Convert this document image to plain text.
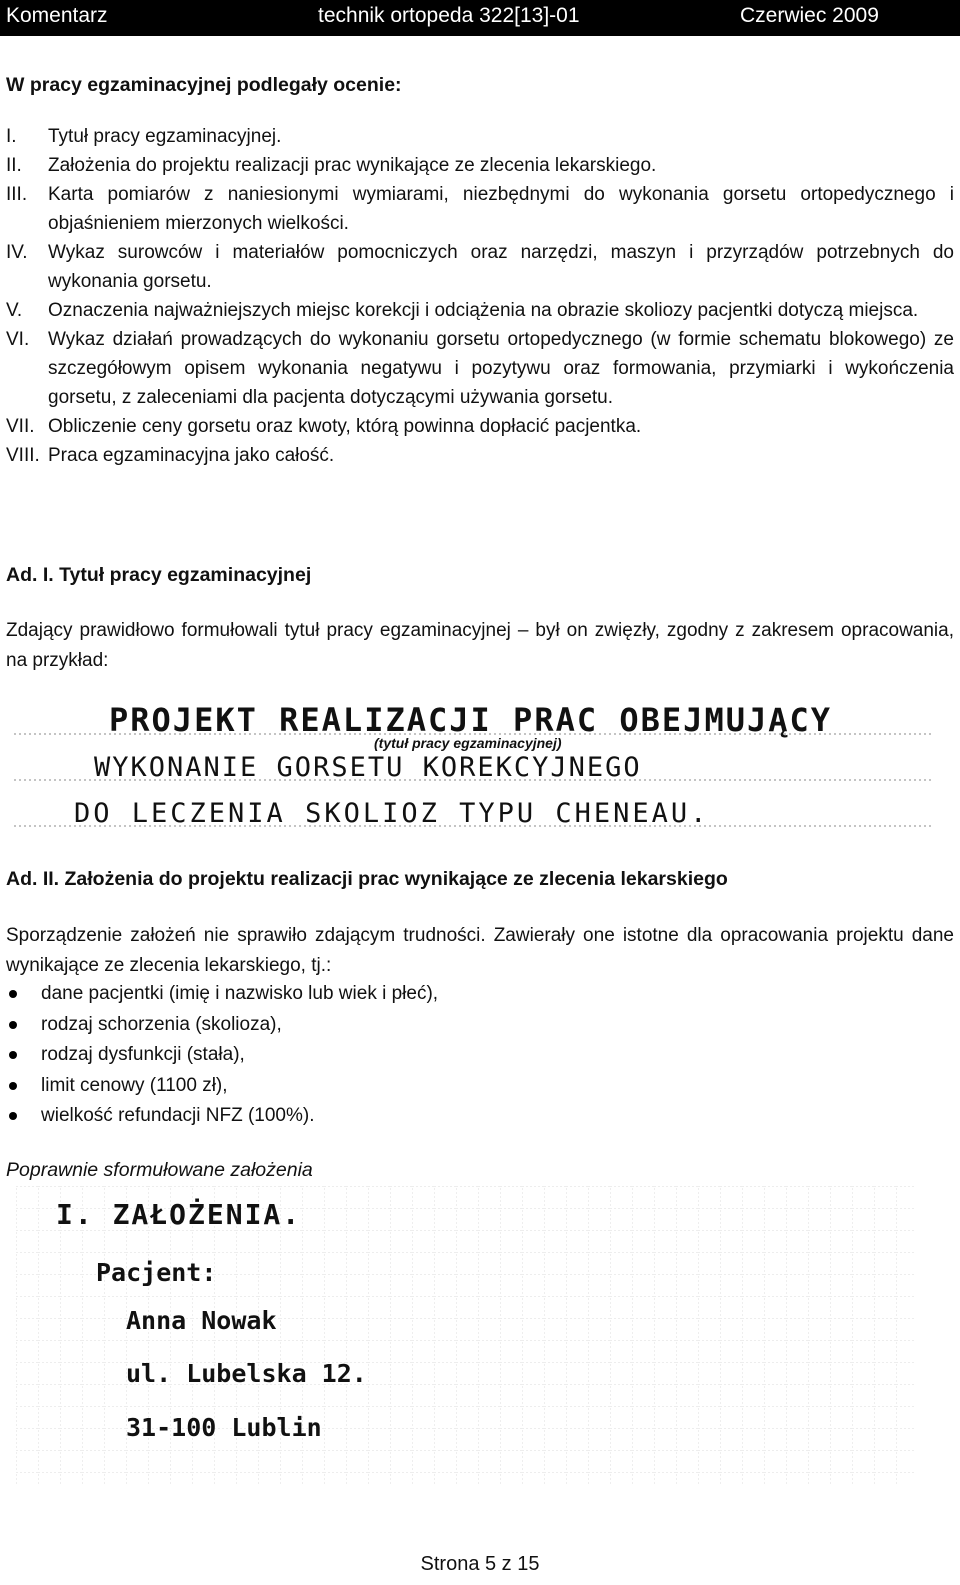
Komentarz	technik ortopeda 322[13]-01	Czerwiec 2009
W pracy egzaminacyjnej podlegały ocenie:
I.	Tytuł pracy egzaminacyjnej.
II.	Założenia do projektu realizacji prac wynikające ze zlecenia lekarskiego.
III.	Karta pomiarów z naniesionymi wymiarami, niezbędnymi do wykonania gorsetu ortopedycznego i objaśnieniem mierzonych wielkości.
IV.	Wykaz surowców i materiałów pomocniczych oraz narzędzi, maszyn i przyrządów potrzebnych do wykonania gorsetu.
V.	Oznaczenia najważniejszych miejsc korekcji i odciążenia na obrazie skoliozy pacjentki dotyczą miejsca.
VI. Wykaz działań prowadzących do wykonaniu gorsetu ortopedycznego (w formie schematu blokowego) ze szczegółowym opisem wykonania negatywu i pozytywu oraz formowania, przymiarki i wykończenia gorsetu, z zaleceniami dla pacjenta dotyczącymi używania gorsetu.
VII. Obliczenie ceny gorsetu oraz kwoty, którą powinna dopłacić pacjentka.
VIII. Praca egzaminacyjna jako całość.
Ad. I. Tytuł pracy egzaminacyjnej
Zdający prawidłowo formułowali tytuł pracy egzaminacyjnej – był on zwięzły, zgodny z zakresem opracowania, na przykład:
PROJEKT REALIZACJI PRAC OBEJMUJĄCY
(tytuł pracy egzaminacyjnej)
WYKONANIE GORSETU KOREKCYJNEGO
DO LECZENIA SKOLIOZ TYPU CHENEAU.
Ad. II. Założenia do projektu realizacji prac wynikające ze zlecenia lekarskiego
Sporządzenie założeń nie sprawiło zdającym trudności. Zawierały one istotne dla opracowania projektu dane wynikające ze zlecenia lekarskiego, tj.:
dane pacjentki (imię i nazwisko lub wiek i płeć),
rodzaj schorzenia (skolioza),
rodzaj dysfunkcji (stała),
limit cenowy (1100 zł),
wielkość refundacji NFZ (100%).
Poprawnie sformułowane założenia
I. ZAŁOŻENIA.
Pacjent:
Anna Nowak
ul. Lubelska 12.
31-100 Lublin
Strona 5 z 15
